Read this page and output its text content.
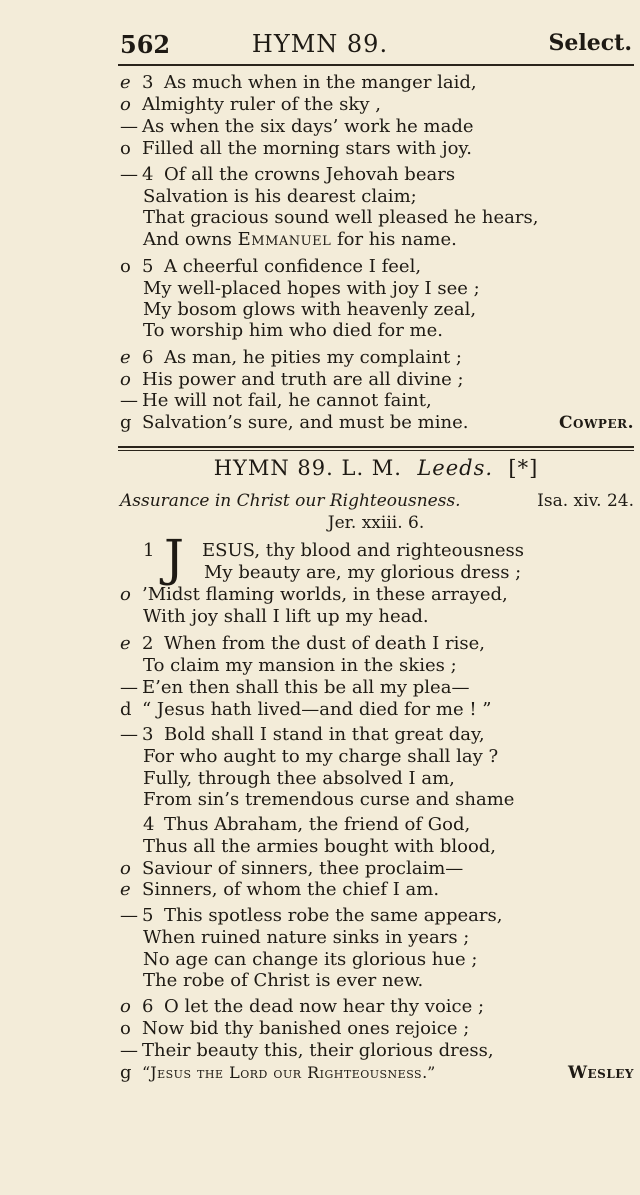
562	HYMN 89.	Select.
e 3 As much when in the manger laid,
o Almighty ruler of the sky ,
— As when the six days’ work he made
o Filled all the morning stars with joy.
— 4 Of all the crowns Jehovah bears
Salvation is his dearest claim;
That gracious sound well pleased he hears,
And owns Emmanuel for his name.
o 5 A cheerful confidence I feel,
My well-placed hopes with joy I see ;
My bosom glows with heavenly zeal,
To worship him who died for me.
e 6 As man, he pities my complaint ;
o His power and truth are all divine ;
— He will not fail, he cannot faint,
g Salvation’s sure, and must be mine.	Cowper.
HYMN 89. L. M. Leeds. [*]
Assurance in Christ our Righteousness.	Isa. xiv. 24.
Jer. xxiii. 6.
J
1	ESUS, thy blood and righteousness
My beauty are, my glorious dress ;
o ’Midst flaming worlds, in these arrayed,
With joy shall I lift up my head.
e 2 When from the dust of death I rise,
To claim my mansion in the skies ;
— E’en then shall this be all my plea—
d “ Jesus hath lived—and died for me ! ”
— 3 Bold shall I stand in that great day,
For who aught to my charge shall lay ?
Fully, through thee absolved I am,
From sin’s tremendous curse and shame
4 Thus Abraham, the friend of God,
Thus all the armies bought with blood,
o Saviour of sinners, thee proclaim—
e Sinners, of whom the chief I am.
— 5 This spotless robe the same appears,
When ruined nature sinks in years ;
No age can change its glorious hue ;
The robe of Christ is ever new.
o 6 O let the dead now hear thy voice ;
o Now bid thy banished ones rejoice ;
— Their beauty this, their glorious dress,
g “Jesus the Lord our Righteousness.”	Wesley
